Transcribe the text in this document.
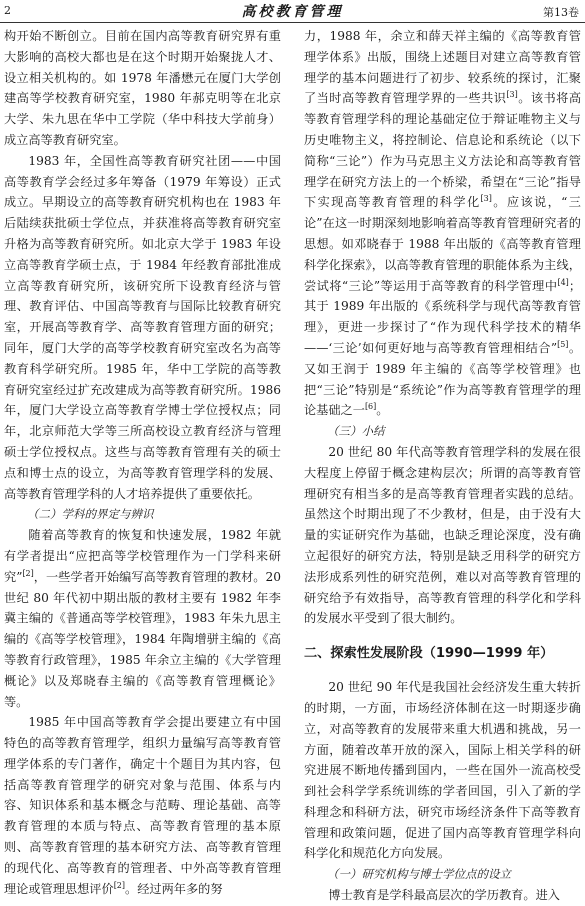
2	高校教育管理	第13卷

构开始不断创立。目前在国内高等教育研究界有重大影响的高校大都也是在这个时期开始聚拢人才、设立相关机构的。如 1978 年潘懋元在厦门大学创建高等学校教育研究室，1980 年郝克明等在北京大学、朱九思在华中工学院（华中科技大学前身）成立高等教育研究室。

1983 年，全国性高等教育研究社团——中国高等教育学会经过多年筹备（1979 年筹设）正式成立。早期设立的高等教育研究机构也在 1983 年后陆续获批硕士学位点，并获准将高等教育研究室升格为高等教育研究所。如北京大学于 1983 年设立高等教育学硕士点，于 1984 年经教育部批准成立高等教育研究所，该研究所下设教育经济与管理、教育评估、中国高等教育与国际比较教育研究室，开展高等教育学、高等教育管理方面的研究；同年，厦门大学的高等学校教育研究室改名为高等教育科学研究所。1985 年，华中工学院的高等教育研究室经过扩充改建成为高等教育研究所。1986 年，厦门大学设立高等教育学博士学位授权点；同年，北京师范大学等三所高校设立教育经济与管理硕士学位授权点。这些与高等教育管理有关的硕士点和博士点的设立，为高等教育管理学科的发展、高等教育管理学科的人才培养提供了重要依托。

（二）学科的界定与辨识

随着高等教育的恢复和快速发展，1982 年就有学者提出“应把高等学校管理作为一门学科来研究”[2]，一些学者开始编写高等教育管理的教材。20 世纪 80 年代初中期出版的教材主要有 1982 年李冀主编的《普通高等学校管理》，1983 年朱九思主编的《高等学校管理》，1984 年陶增骈主编的《高等教育行政管理》，1985 年余立主编的《大学管理概论》以及郑晓春主编的《高等教育管理概论》等。

1985 年中国高等教育学会提出要建立有中国特色的高等教育管理学，组织力量编写高等教育管理学体系的专门著作，确定十个题目为其内容，包括高等教育管理学的研究对象与范围、体系与内容、知识体系和基本概念与范畴、理论基础、高等教育管理的本质与特点、高等教育管理的基本原则、高等教育管理的基本研究方法、高等教育管理的现代化、高等教育的管理者、中外高等教育管理理论或管理思想评价[2]。经过两年多的努

力，1988 年，余立和薛天祥主编的《高等教育管理学体系》出版，围绕上述题目对建立高等教育管理学的基本问题进行了初步、较系统的探讨，汇聚了当时高等教育管理学界的一些共识[3]。该书将高等教育管理学科的理论基础定位于辩证唯物主义与历史唯物主义，将控制论、信息论和系统论（以下简称“三论”）作为马克思主义方法论和高等教育管理学在研究方法上的一个桥梁，希望在“三论”指导下实现高等教育管理的科学化[3]。应该说，“三论”在这一时期深刻地影响着高等教育管理研究者的思想。如邓晓春于 1988 年出版的《高等教育管理科学化探索》，以高等教育管理的职能体系为主线，尝试将“三论”等运用于高等教育的科学管理中[4]；其于 1989 年出版的《系统科学与现代高等教育管理》，更进一步探讨了“作为现代科学技术的精华——‘三论’如何更好地与高等教育管理相结合”[5]。又如王润于 1989 年主编的《高等学校管理》也把“三论”特别是“系统论”作为高等教育管理学的理论基础之一[6]。

（三）小结

20 世纪 80 年代高等教育管理学科的发展在很大程度上停留于概念建构层次；所谓的高等教育管理研究有相当多的是高等教育管理者实践的总结。虽然这个时期出现了不少教材，但是，由于没有大量的实证研究作为基础，也缺乏理论深度，没有确立起很好的研究方法，特别是缺乏用科学的研究方法形成系列性的研究范例，难以对高等教育管理的研究给予有效指导，高等教育管理的科学化和学科的发展水平受到了很大制约。

二、探索性发展阶段（1990—1999 年）

20 世纪 90 年代是我国社会经济发生重大转折的时期，一方面，市场经济体制在这一时期逐步确立，对高等教育的发展带来重大机遇和挑战，另一方面，随着改革开放的深入，国际上相关学科的研究进展不断地传播到国内，一些在国外一流高校受到社会科学学系统训练的学者回国，引入了新的学科理念和科研方法，研究市场经济条件下高等教育管理和政策问题，促进了国内高等教育管理学科向科学化和规范化方向发展。

（一）研究机构与博士学位点的设立

博士教育是学科最高层次的学历教育。进入
